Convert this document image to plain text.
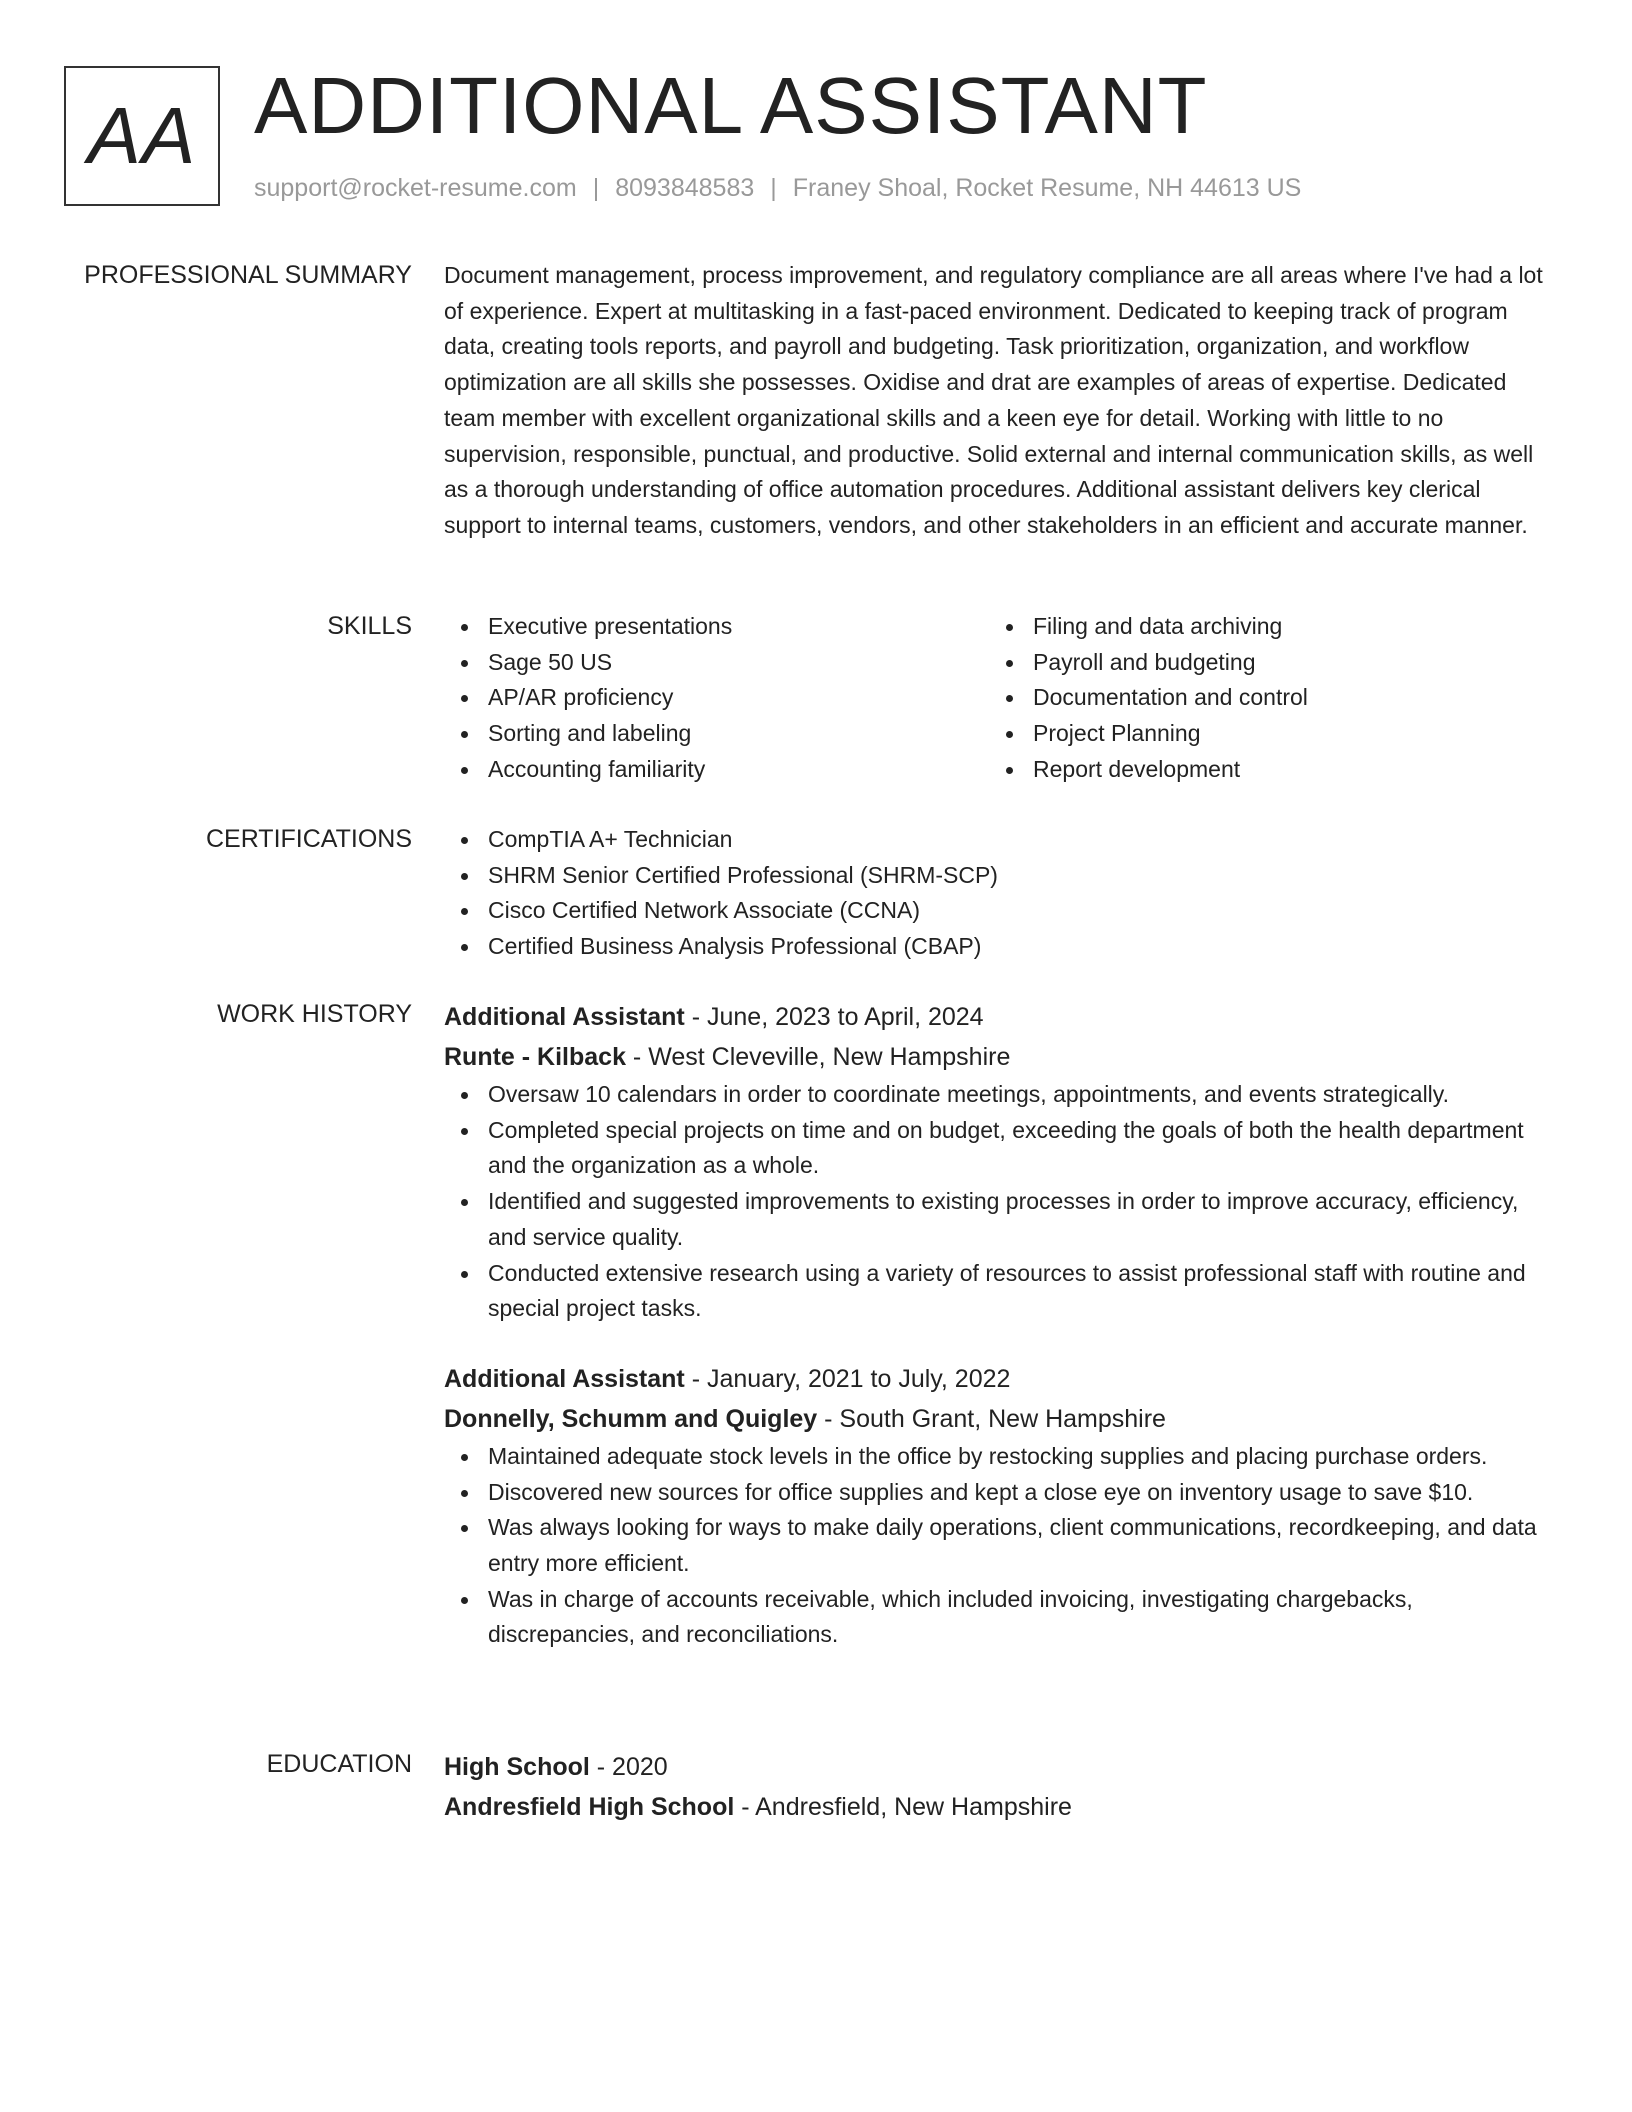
AA ADDITIONAL ASSISTANT
support@rocket-resume.com | 8093848583 | Franey Shoal, Rocket Resume, NH 44613 US
PROFESSIONAL SUMMARY Document management, process improvement, and regulatory compliance are all areas where I've had a lot of experience. Expert at multitasking in a fast-paced environment. Dedicated to keeping track of program data, creating tools reports, and payroll and budgeting. Task prioritization, organization, and workflow optimization are all skills she possesses. Oxidise and drat are examples of areas of expertise. Dedicated team member with excellent organizational skills and a keen eye for detail. Working with little to no supervision, responsible, punctual, and productive. Solid external and internal communication skills, as well as a thorough understanding of office automation procedures. Additional assistant delivers key clerical support to internal teams, customers, vendors, and other stakeholders in an efficient and accurate manner.

SKILLS	Executive presentations
Sage 50 US
AP/AR proficiency
Sorting and labeling
Accounting familiarity
Filing and data archiving
Payroll and budgeting
Documentation and control
Project Planning
Report development
CERTIFICATIONS	CompTIA A+ Technician
SHRM Senior Certified Professional (SHRM-SCP)
Cisco Certified Network Associate (CCNA)
Certified Business Analysis Professional (CBAP)
WORK HISTORY Additional Assistant - June, 2023 to April, 2024
Runte - Kilback - West Cleveville, New Hampshire
Oversaw 10 calendars in order to coordinate meetings, appointments, and events strategically.
Completed special projects on time and on budget, exceeding the goals of both the health department and the organization as a whole.
Identified and suggested improvements to existing processes in order to improve accuracy, efficiency, and service quality.
Conducted extensive research using a variety of resources to assist professional staff with routine and special project tasks.
Additional Assistant - January, 2021 to July, 2022
Donnelly, Schumm and Quigley - South Grant, New Hampshire
Maintained adequate stock levels in the office by restocking supplies and placing purchase orders.
Discovered new sources for office supplies and kept a close eye on inventory usage to save $10.
Was always looking for ways to make daily operations, client communications, recordkeeping, and data entry more efficient.
Was in charge of accounts receivable, which included invoicing, investigating chargebacks, discrepancies, and reconciliations.
EDUCATION High School - 2020
Andresfield High School - Andresfield, New Hampshire
